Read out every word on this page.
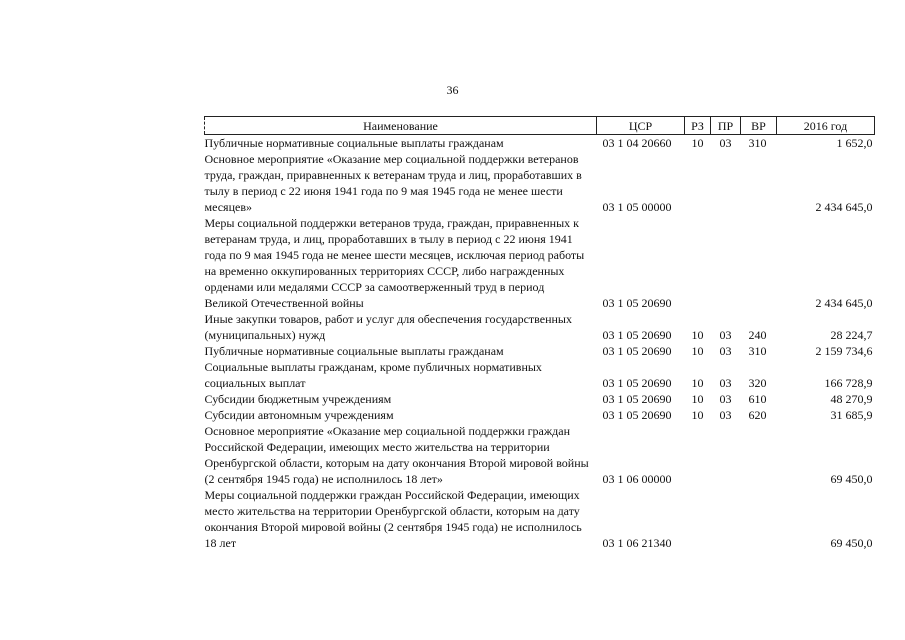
36
Наименование	ЦСР	РЗ	ПР	ВР	2016 год
Публичные нормативные социальные выплаты гражданам	03 1 04 20660	10	03	310	1 652,0
Основное мероприятие «Оказание мер социальной поддержки ветеранов труда, граждан, приравненных к ветеранам труда и лиц, проработавших в тылу в период с 22 июня 1941 года по 9 мая 1945 года не менее шести месяцев»	03 1 05 00000				2 434 645,0
Меры социальной поддержки ветеранов труда, граждан, приравненных к ветеранам труда, и лиц, проработавших в тылу в период с 22 июня 1941 года по 9 мая 1945 года не менее шести месяцев, исключая период работы на временно оккупированных территориях СССР, либо награжденных орденами или медалями СССР за самоотверженный труд в период Великой Отечественной войны	03 1 05 20690				2 434 645,0
Иные закупки товаров, работ и услуг для обеспечения государственных (муниципальных) нужд	03 1 05 20690	10	03	240	28 224,7
Публичные нормативные социальные выплаты гражданам	03 1 05 20690	10	03	310	2 159 734,6
Социальные выплаты гражданам, кроме публичных нормативных социальных выплат	03 1 05 20690	10	03	320	166 728,9
Субсидии бюджетным учреждениям	03 1 05 20690	10	03	610	48 270,9
Субсидии автономным учреждениям	03 1 05 20690	10	03	620	31 685,9
Основное мероприятие «Оказание мер социальной поддержки граждан Российской Федерации, имеющих место жительства на территории Оренбургской области, которым на дату окончания Второй мировой войны (2 сентября 1945 года) не исполнилось 18 лет»	03 1 06 00000				69 450,0
Меры социальной поддержки граждан Российской Федерации, имеющих место жительства на территории Оренбургской области, которым на дату окончания Второй мировой войны (2 сентября 1945 года) не исполнилось 18 лет	03 1 06 21340				69 450,0
